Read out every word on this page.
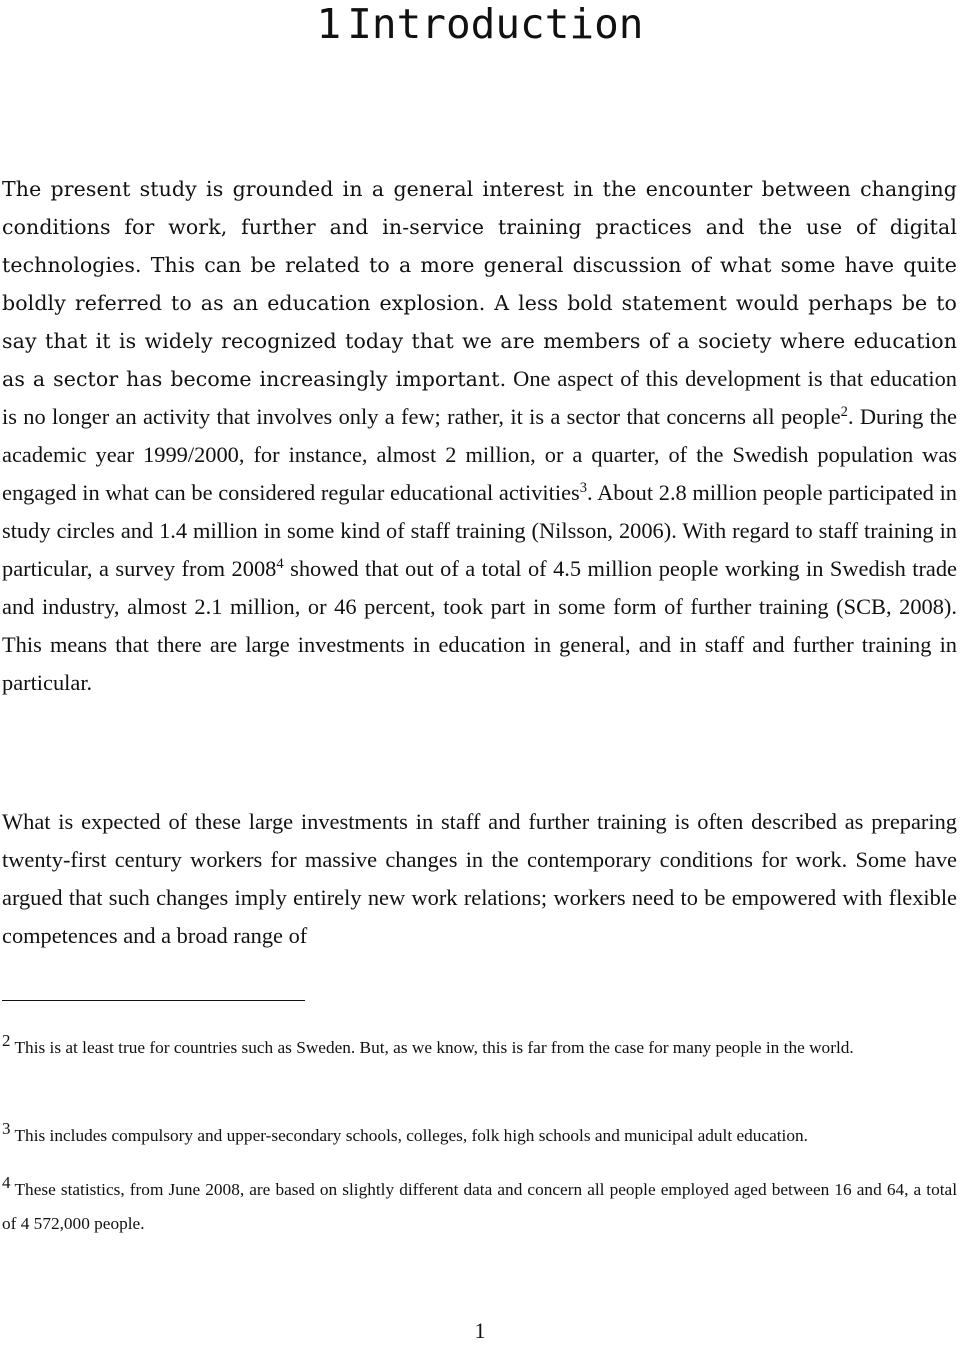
1 Introduction

The present study is grounded in a general interest in the encounter between changing conditions for work, further and in-service training practices and the use of digital technologies. This can be related to a more general discussion of what some have quite boldly referred to as an education explosion. A less bold statement would perhaps be to say that it is widely recognized today that we are members of a society where education as a sector has become increasingly important. One aspect of this development is that education is no longer an activity that involves only a few; rather, it is a sector that concerns all people$^2$. During the academic year 1999/2000, for instance, almost 2 million, or a quarter, of the Swedish population was engaged in what can be considered regular educational activities$^3$. About 2.8 million people participated in study circles and 1.4 million in some kind of staff training (Nilsson, 2006). With regard to staff training in particular, a survey from 2008$^4$ showed that out of a total of 4.5 million people working in Swedish trade and industry, almost 2.1 million, or 46 percent, took part in some form of further training (SCB, 2008). This means that there are large investments in education in general, and in staff and further training in particular.

What is expected of these large investments in staff and further training is often described as preparing twenty-first century workers for massive changes in the contemporary conditions for work. Some have argued that such changes imply entirely new work relations; workers need to be empowered with flexible competences and a broad range of

2 This is at least true for countries such as Sweden. But, as we know, this is far from the case for many people in the world.

3 This includes compulsory and upper-secondary schools, colleges, folk high schools and municipal adult education.

4 These statistics, from June 2008, are based on slightly different data and concern all people employed aged between 16 and 64, a total of 4 572,000 people.

1
